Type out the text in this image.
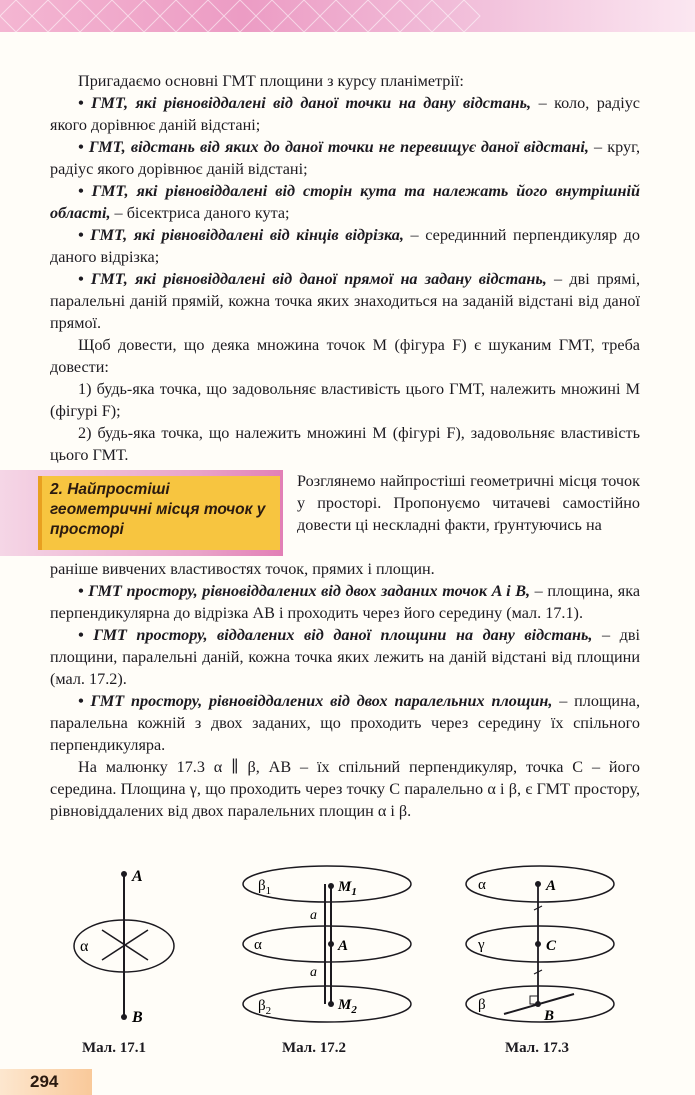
Пригадаємо основні ГМТ площини з курсу планіметрії:

• ГМТ, які рівновіддалені від даної точки на дану відстань, – коло, радіус якого дорівнює даній відстані;

• ГМТ, відстань від яких до даної точки не перевищує даної відстані, – круг, радіус якого дорівнює даній відстані;

• ГМТ, які рівновіддалені від сторін кута та належать його внутрішній області, – бісектриса даного кута;

• ГМТ, які рівновіддалені від кінців відрізка, – серединний перпендикуляр до даного відрізка;

• ГМТ, які рівновіддалені від даної прямої на задану відстань, – дві прямі, паралельні даній прямій, кожна точка яких знаходиться на заданій відстані від даної прямої.

Щоб довести, що деяка множина точок M (фігура F) є шуканим ГМТ, треба довести:

1) будь-яка точка, що задовольняє властивість цього ГМТ, належить множині M (фігурі F);

2) будь-яка точка, що належить множині M (фігурі F), задовольняє властивість цього ГМТ.

2. Найпростіші геометричні місця точок у просторі

Розглянемо найпростіші геометричні місця точок у просторі. Пропонуємо читачеві самостійно довести ці нескладні факти, ґрунтуючись на

раніше вивчених властивостях точок, прямих і площин.

• ГМТ простору, рівновіддалених від двох заданих точок A і B, – площина, яка перпендикулярна до відрізка AB і проходить через його середину (мал. 17.1).

• ГМТ простору, віддалених від даної площини на дану відстань, – дві площини, паралельні даній, кожна точка яких лежить на даній відстані від площини (мал. 17.2).

• ГМТ простору, рівновіддалених від двох паралельних площин, – площина, паралельна кожній з двох заданих, що проходить через середину їх спільного перпендикуляра.

На малюнку 17.3 α ∥ β, AB – їх спільний перпендикуляр, точка C – його середина. Площина γ, що проходить через точку C паралельно α і β, є ГМТ простору, рівновіддалених від двох паралельних площин α і β.

A
B
α
$\beta_1$
α
$\beta_2$
$M_1$
A
$M_2$
a
a
α
γ
β
A
C
B
Мал. 17.1	Мал. 17.2	Мал. 17.3
294
